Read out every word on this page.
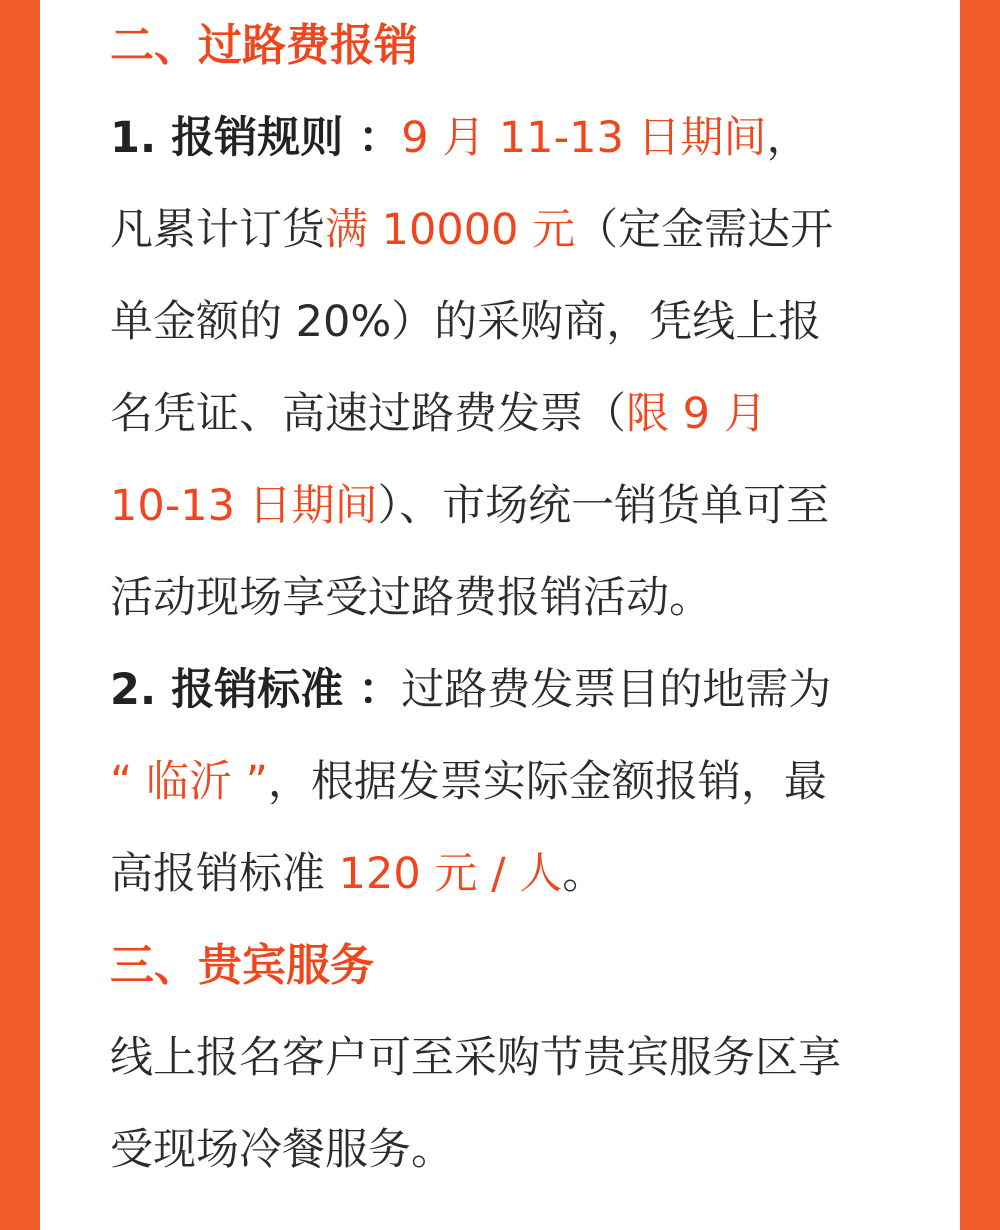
二、过路费报销
1. 报销规则 ：9 月 11-13 日期间，
凡累计订货满 10000 元（定金需达开
单金额的 20%）的采购商，凭线上报
名凭证、高速过路费发票（限 9 月
10-13 日期间）、市场统一销货单可至
活动现场享受过路费报销活动。
2. 报销标准 ：过路费发票目的地需为
“ 临沂 ”，根据发票实际金额报销，最
高报销标准 120 元 / 人。
三、贵宾服务
线上报名客户可至采购节贵宾服务区享
受现场冷餐服务。
